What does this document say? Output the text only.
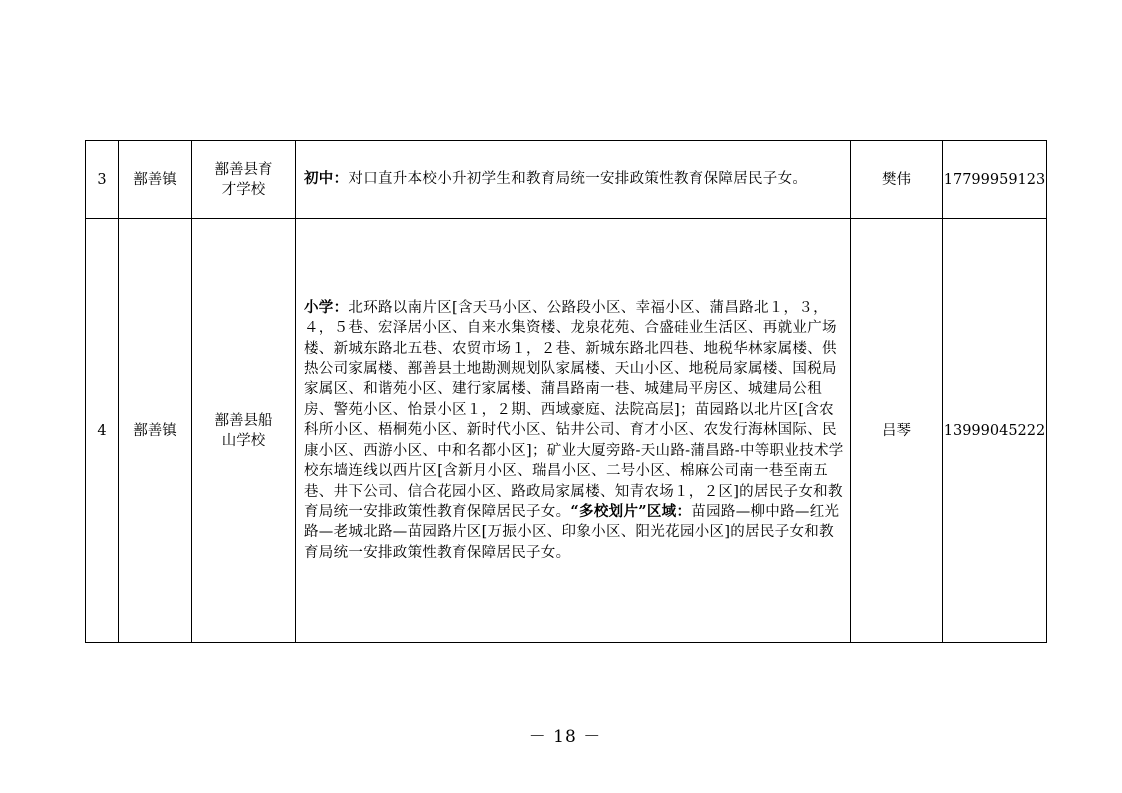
3	鄯善镇	鄯善县育才学校	初中：对口直升本校小升初学生和教育局统一安排政策性教育保障居民子女。	樊伟	17799959123
4	鄯善镇	鄯善县船山学校	小学：北环路以南片区[含天马小区、公路段小区、幸福小区、蒲昌路北１，３，４，５巷、宏泽居小区、自来水集资楼、龙泉花苑、合盛硅业生活区、再就业广场楼、新城东路北五巷、农贸市场１，２巷、新城东路北四巷、地税华林家属楼、供热公司家属楼、鄯善县土地勘测规划队家属楼、天山小区、地税局家属楼、国税局家属区、和谐苑小区、建行家属楼、蒲昌路南一巷、城建局平房区、城建局公租房、警苑小区、怡景小区１，２期、西域豪庭、法院高层]；苗园路以北片区[含农科所小区、梧桐苑小区、新时代小区、钻井公司、育才小区、农发行海林国际、民康小区、西游小区、中和名都小区]；矿业大厦旁路-天山路-蒲昌路-中等职业技术学校东墙连线以西片区[含新月小区、瑞昌小区、二号小区、棉麻公司南一巷至南五巷、井下公司、信合花园小区、路政局家属楼、知青农场１，２区]的居民子女和教育局统一安排政策性教育保障居民子女。“多校划片”区域：苗园路—柳中路—红光路—老城北路—苗园路片区[万振小区、印象小区、阳光花园小区]的居民子女和教育局统一安排政策性教育保障居民子女。	吕琴	13999045222
－ 18 －
